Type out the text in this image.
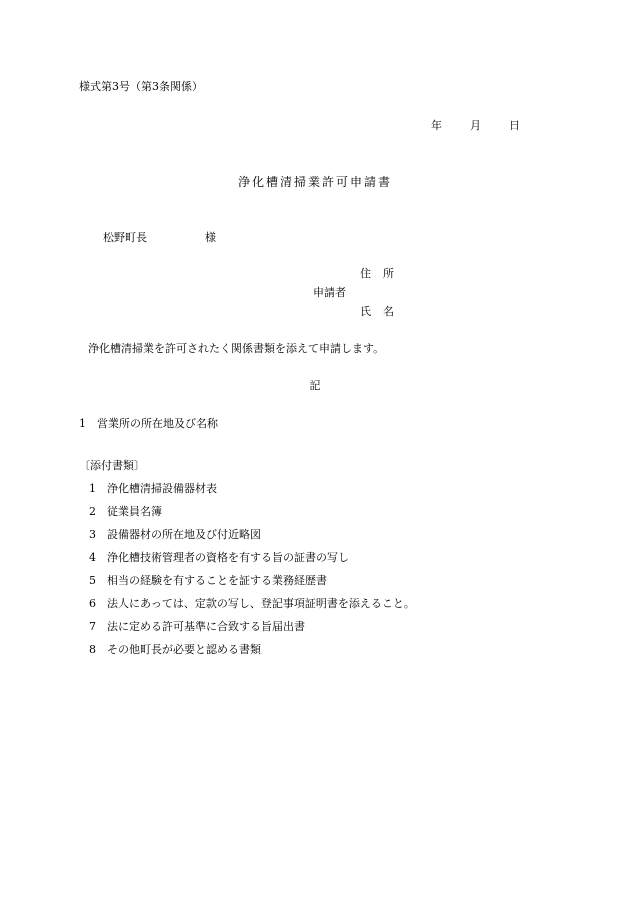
様式第3号（第3条関係）
年	月	日
浄化槽清掃業許可申請書
松野町長	様
住 所
申請者
氏 名
浄化槽清掃業を許可されたく関係書類を添えて申請します。
記
1 営業所の所在地及び名称
〔添付書類〕
1 浄化槽清掃設備器材表
2 従業員名簿
3 設備器材の所在地及び付近略図
4 浄化槽技術管理者の資格を有する旨の証書の写し
5 相当の経験を有することを証する業務経歴書
6 法人にあっては、定款の写し、登記事項証明書を添えること。
7 法に定める許可基準に合致する旨届出書
8 その他町長が必要と認める書類
